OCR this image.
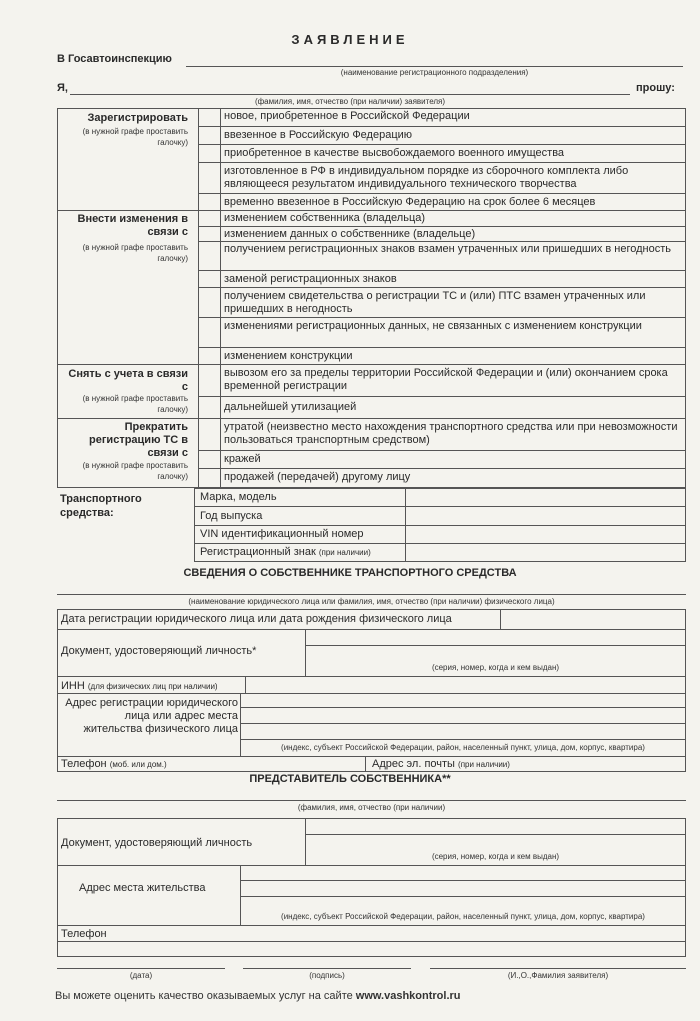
ЗАЯВЛЕНИЕ
В Госавтоинспекцию
(наименование регистрационного подразделения)
Я,	прошу:
(фамилия, имя, отчество (при наличии) заявителя)
Зарегистрировать
(в нужной графе проставить галочку)
новое, приобретенное в Российской Федерации
ввезенное в Российскую Федерацию
приобретенное в качестве высвобождаемого военного имущества
изготовленное в РФ в индивидуальном порядке из сборочного комплекта либо являющееся результатом индивидуального технического творчества
временно ввезенное в Российскую Федерацию на срок более 6 месяцев
Внести изменения в связи с
(в нужной графе проставить галочку)
изменением собственника (владельца)
изменением данных о собственнике (владельце)
получением регистрационных знаков взамен утраченных или пришедших в негодность
заменой регистрационных знаков
получением свидетельства о регистрации ТС и (или) ПТС взамен утраченных или пришедших в негодность
изменениями регистрационных данных, не связанных с изменением конструкции
изменением конструкции
Снять с учета в связи с
(в нужной графе проставить галочку)
вывозом его за пределы территории Российской Федерации и (или) окончанием срока временной регистрации
дальнейшей утилизацией
Прекратить регистрацию ТС в связи с
(в нужной графе проставить галочку)
утратой (неизвестно место нахождения транспортного средства или при невозможности пользоваться транспортным средством)
кражей
продажей (передачей) другому лицу
Транспортного средства:
Марка, модель
Год выпуска
VIN идентификационный номер
Регистрационный знак (при наличии)
СВЕДЕНИЯ О СОБСТВЕННИКЕ ТРАНСПОРТНОГО СРЕДСТВА
(наименование юридического лица или фамилия, имя, отчество (при наличии) физического лица)
Дата регистрации юридического лица или дата рождения физического лица
Документ, удостоверяющий личность*
(серия, номер, когда и кем выдан)
ИНН (для физических лиц при наличии)
Адрес регистрации юридического лица или адрес места жительства физического лица
(индекс, субъект Российской Федерации, район, населенный пункт, улица, дом, корпус, квартира)
Телефон (моб. или дом.)	Адрес эл. почты (при наличии)
ПРЕДСТАВИТЕЛЬ СОБСТВЕННИКА**
(фамилия, имя, отчество (при наличии)
Документ, удостоверяющий личность
(серия, номер, когда и кем выдан)
Адрес места жительства
(индекс, субъект Российской Федерации, район, населенный пункт, улица, дом, корпус, квартира)
Телефон
(дата)	(подпись)	(И.,О.,Фамилия заявителя)
Вы можете оценить качество оказываемых услуг на сайте www.vashkontrol.ru
